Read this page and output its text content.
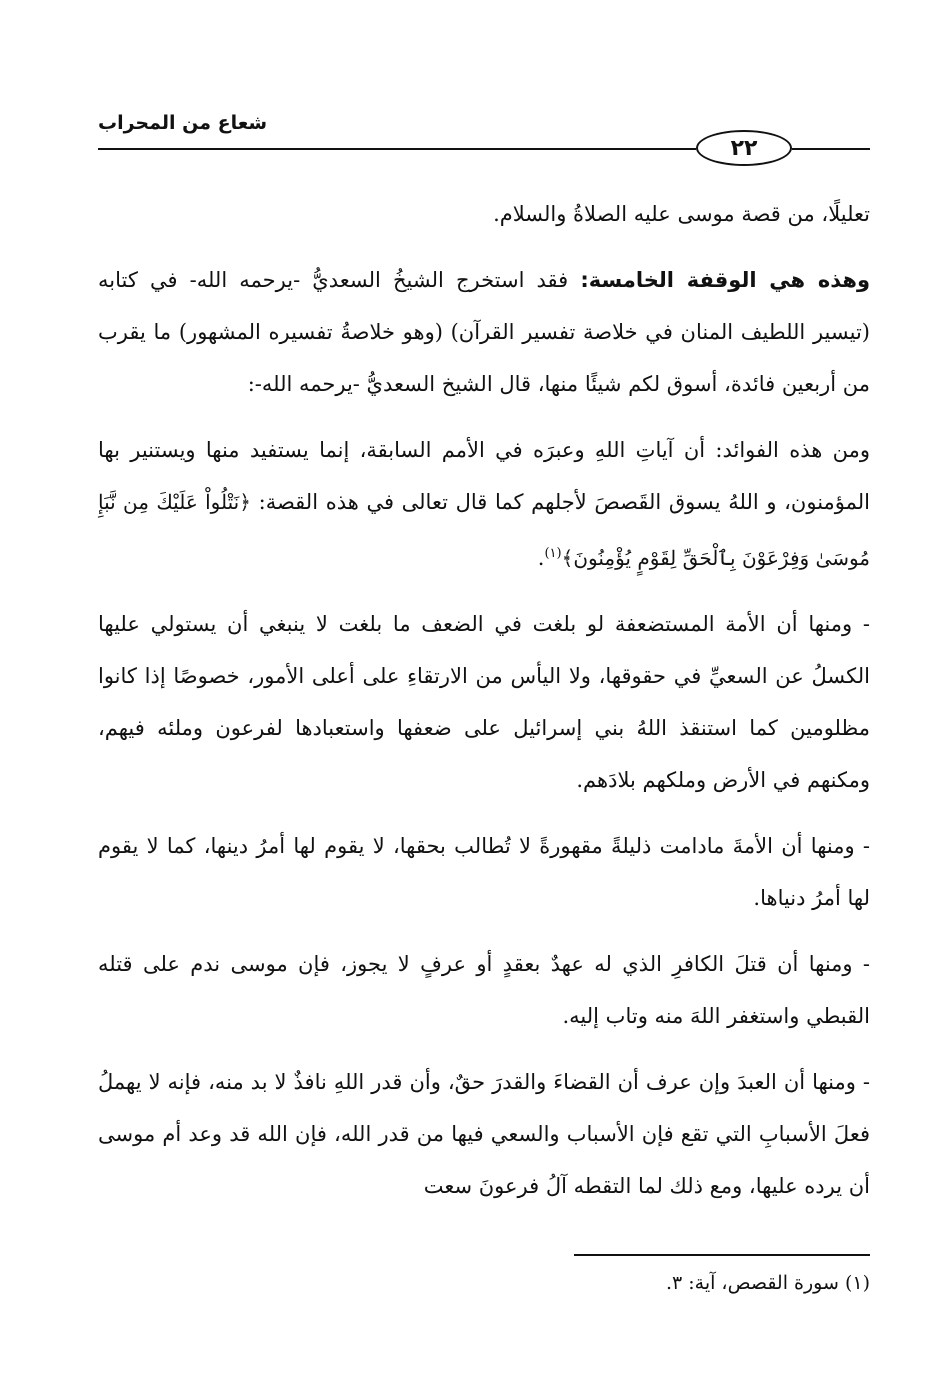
شعاع من المحراب
٢٢

تعليلًا، من قصة موسى عليه الصلاةُ والسلام.

وهذه هي الوقفة الخامسة: فقد استخرج الشيخُ السعديُّ -يرحمه الله- في كتابه (تيسير اللطيف المنان في خلاصة تفسير القرآن) (وهو خلاصةُ تفسيره المشهور) ما يقرب من أربعين فائدة، أسوق لكم شيئًا منها، قال الشيخ السعديُّ -يرحمه الله-:

ومن هذه الفوائد: أن آياتِ اللهِ وعبرَه في الأمم السابقة، إنما يستفيد منها ويستنير بها المؤمنون، و اللهُ يسوق القَصصَ لأجلهم كما قال تعالى في هذه القصة: ﴿نَتْلُواْ عَلَيْكَ مِن نَّبَإِ مُوسَىٰ وَفِرْعَوْنَ بِٱلْحَقِّ لِقَوْمٍ يُؤْمِنُونَ﴾$^{(١)}$.

- ومنها أن الأمة المستضعفة لو بلغت في الضعف ما بلغت لا ينبغي أن يستولي عليها الكسلُ عن السعيِّ في حقوقها، ولا اليأس من الارتقاءِ على أعلى الأمور، خصوصًا إذا كانوا مظلومين كما استنقذ اللهُ بني إسرائيل على ضعفها واستعبادها لفرعون وملئه فيهم، ومكنهم في الأرض وملكهم بلادَهم.

- ومنها أن الأمةَ مادامت ذليلةً مقهورةً لا تُطالب بحقها، لا يقوم لها أمرُ دينها، كما لا يقوم لها أمرُ دنياها.

- ومنها أن قتلَ الكافرِ الذي له عهدٌ بعقدٍ أو عرفٍ لا يجوز، فإن موسى ندم على قتله القبطي واستغفر اللهَ منه وتاب إليه.

- ومنها أن العبدَ وإن عرف أن القضاءَ والقدرَ حقٌ، وأن قدر اللهِ نافذٌ لا بد منه، فإنه لا يهملُ فعلَ الأسبابِ التي تقع فإن الأسباب والسعي فيها من قدر الله، فإن الله قد وعد أم موسى أن يرده عليها، ومع ذلك لما التقطه آلُ فرعونَ سعت

(١) سورة القصص، آية: ٣.
